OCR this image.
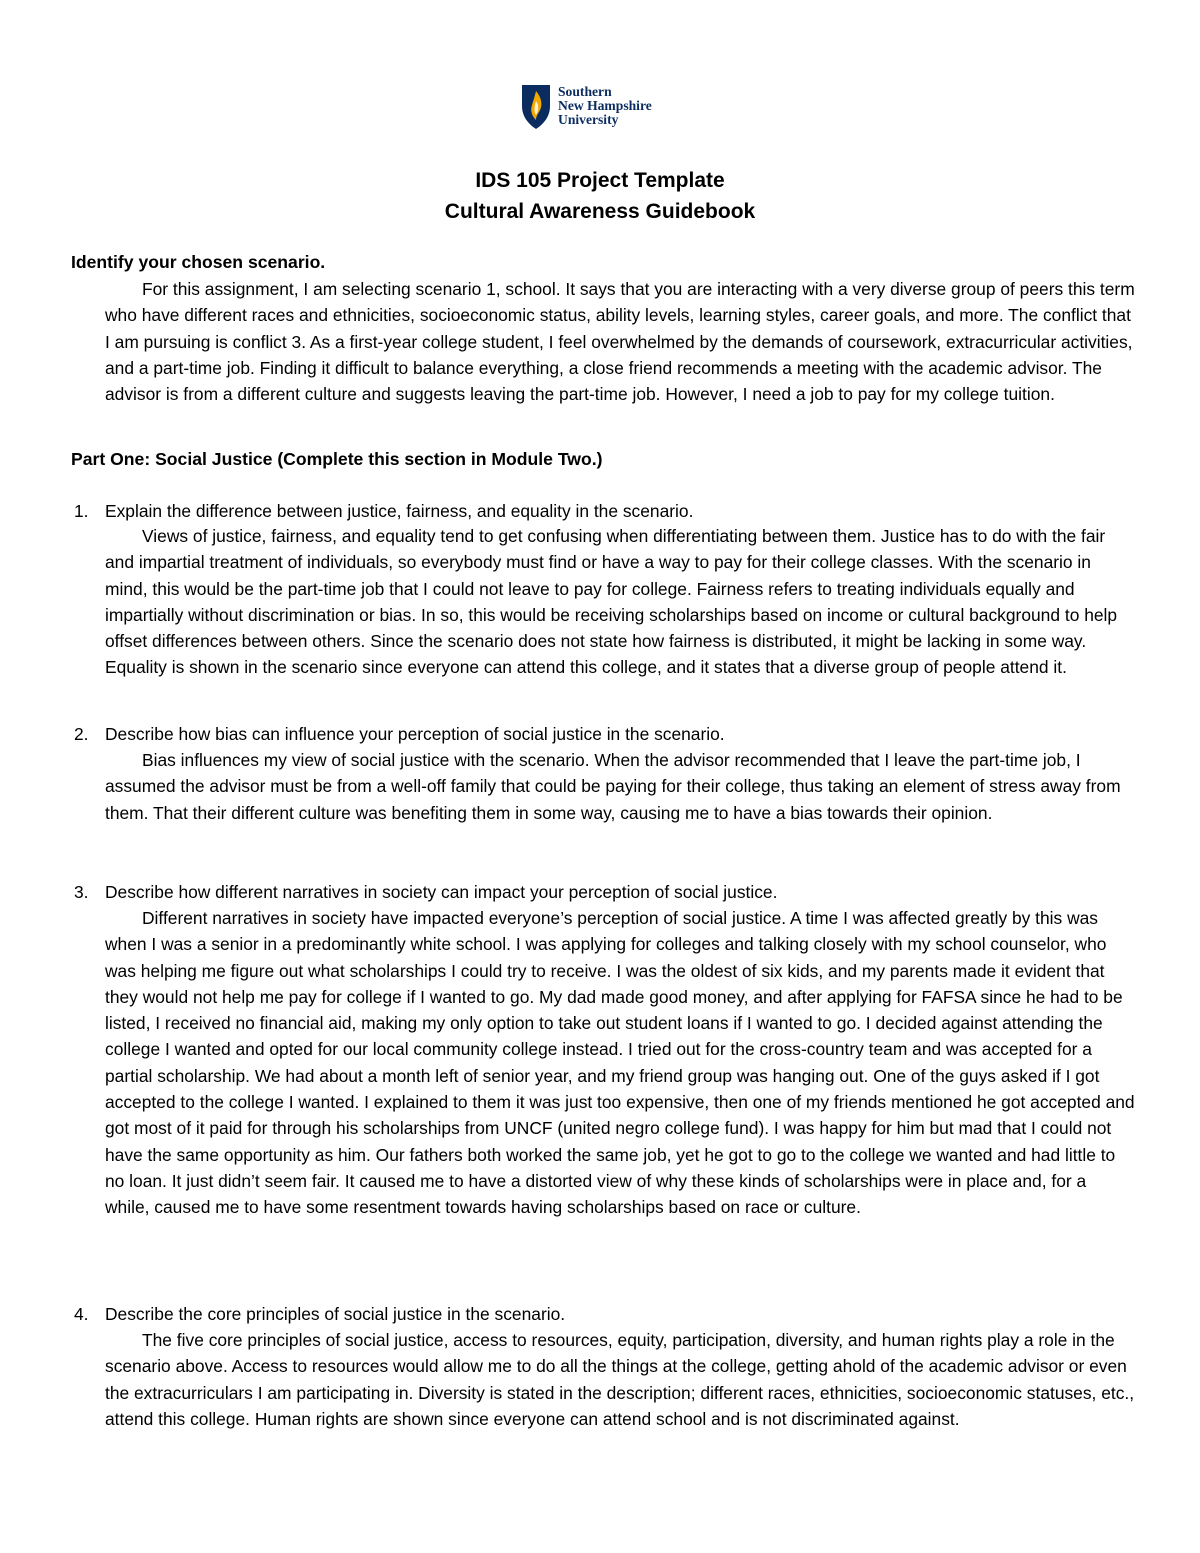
Southern
New Hampshire
University
IDS 105 Project Template
Cultural Awareness Guidebook
Identify your chosen scenario.

For this assignment, I am selecting scenario 1, school. It says that you are interacting with a very diverse group of peers this term who have different races and ethnicities, socioeconomic status, ability levels, learning styles, career goals, and more. The conflict that I am pursuing is conflict 3. As a first-year college student, I feel overwhelmed by the demands of coursework, extracurricular activities, and a part-time job. Finding it difficult to balance everything, a close friend recommends a meeting with the academic advisor. The advisor is from a different culture and suggests leaving the part-time job. However, I need a job to pay for my college tuition.

Part One: Social Justice (Complete this section in Module Two.)
1. Explain the difference between justice, fairness, and equality in the scenario.

Views of justice, fairness, and equality tend to get confusing when differentiating between them. Justice has to do with the fair and impartial treatment of individuals, so everybody must find or have a way to pay for their college classes. With the scenario in mind, this would be the part-time job that I could not leave to pay for college. Fairness refers to treating individuals equally and impartially without discrimination or bias. In so, this would be receiving scholarships based on income or cultural background to help offset differences between others. Since the scenario does not state how fairness is distributed, it might be lacking in some way. Equality is shown in the scenario since everyone can attend this college, and it states that a diverse group of people attend it.

2. Describe how bias can influence your perception of social justice in the scenario.

Bias influences my view of social justice with the scenario. When the advisor recommended that I leave the part-time job, I assumed the advisor must be from a well-off family that could be paying for their college, thus taking an element of stress away from them. That their different culture was benefiting them in some way, causing me to have a bias towards their opinion.

3. Describe how different narratives in society can impact your perception of social justice.

Different narratives in society have impacted everyone’s perception of social justice. A time I was affected greatly by this was when I was a senior in a predominantly white school. I was applying for colleges and talking closely with my school counselor, who was helping me figure out what scholarships I could try to receive. I was the oldest of six kids, and my parents made it evident that they would not help me pay for college if I wanted to go. My dad made good money, and after applying for FAFSA since he had to be listed, I received no financial aid, making my only option to take out student loans if I wanted to go. I decided against attending the college I wanted and opted for our local community college instead. I tried out for the cross-country team and was accepted for a partial scholarship. We had about a month left of senior year, and my friend group was hanging out. One of the guys asked if I got accepted to the college I wanted. I explained to them it was just too expensive, then one of my friends mentioned he got accepted and got most of it paid for through his scholarships from UNCF (united negro college fund). I was happy for him but mad that I could not have the same opportunity as him. Our fathers both worked the same job, yet he got to go to the college we wanted and had little to no loan. It just didn’t seem fair. It caused me to have a distorted view of why these kinds of scholarships were in place and, for a while, caused me to have some resentment towards having scholarships based on race or culture.

4. Describe the core principles of social justice in the scenario.

The five core principles of social justice, access to resources, equity, participation, diversity, and human rights play a role in the scenario above. Access to resources would allow me to do all the things at the college, getting ahold of the academic advisor or even the extracurriculars I am participating in. Diversity is stated in the description; different races, ethnicities, socioeconomic statuses, etc., attend this college. Human rights are shown since everyone can attend school and is not discriminated against.
